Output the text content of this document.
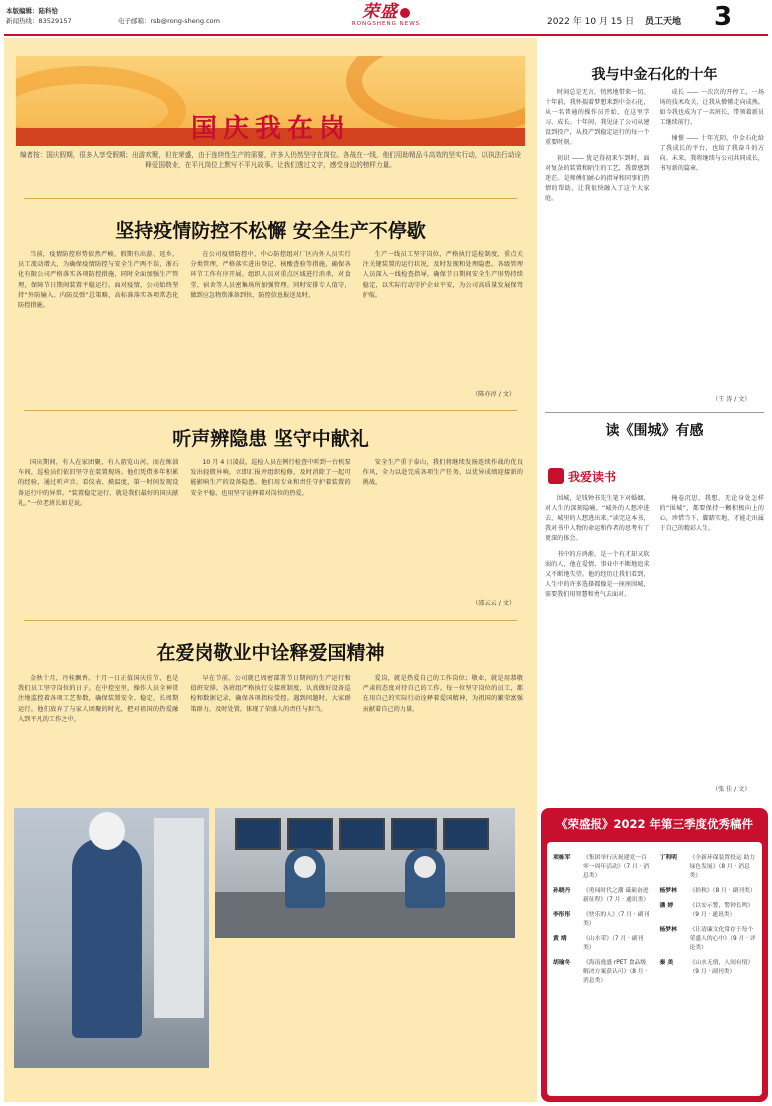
本版编辑：陆科恰
新闻热线：83529157	电子邮箱：rsb@rong-sheng.com	荣盛
RONGSHENG NEWS	2022 年 10 月 15 日 员工天地 3
国庆我在岗
编者按：国庆假期，很多人享受假期；出游欢聚，但在荣盛，由于连续性生产的需要，许多人仍然坚守在岗位。各战在一线，他们用助精品斗高效的坚实行动，以执法行动诠释爱国敬业，在平凡岗位上默写不平凡故事。让我们透过文字，感受身边的榜样力量。
坚持疫情防控不松懈 安全生产不停歇
当前，疫情防控形势依然严峻，假期有出游、返乡，员工流动增大，为确保疫情防控与安全生产两不误，浙石化有限公司严格落实各项防控措施，同时全面加强生产管理，保障节日期间装置平稳运行。面对疫情，公司始终坚持“外防输入、内防反弹”总策略，高标准落实各项常态化防控措施。
在公司疫情防控中，中心防控组对厂区内外人员实行分类管理，严格落实进出登记、核酸查验等措施，确保各环节工作有序开展。组织人员对重点区域进行消杀，对食堂、宿舍等人员密集场所加强管理。同时安排专人值守，做到应急物资准备到位，防控信息报送及时。
生产一线员工坚守岗位，严格执行巡检制度，重点关注关键装置的运行状况，及时发现和处理隐患。各级管理人员深入一线检查指导，确保节日期间安全生产形势持续稳定，以实际行动守护企业平安，为公司高质量发展保驾护航。
（陈亦淳 / 文）
听声辨隐患 坚守中献礼
国庆期间，有人在家团聚，有人游览山河，而在炼油车间，巡检员们依旧坚守在装置现场。他们凭借多年积累的经验，通过听声音、看仪表、摸温度，第一时间发现设备运行中的异常。“装置稳定运行，就是我们最好的国庆献礼。”一位老班长如是说。
10 月 4 日凌晨，巡检人员在例行检查中听到一台机泵发出轻微异响，立即汇报并组织检修，及时消除了一起可能影响生产的设备隐患。他们用专业和责任守护着装置的安全平稳，也用坚守诠释着对岗位的热爱。
安全生产重于泰山，我们将继续发扬连续作战的优良作风，全力以赴完成各项生产任务，以优异成绩迎接新的挑战。
（邵云云 / 文）
在爱岗敬业中诠释爱国精神
金秋十月，丹桂飘香。十月一日正值国庆佳节，也是我们员工坚守岗位的日子。在中控室里，操作人员全神贯注地监控着各项工艺参数，确保装置安全、稳定、长周期运行。他们放弃了与家人团聚的时光，把对祖国的热爱融入到平凡的工作之中。
早在节前，公司就已周密部署节日期间的生产运行和值班安排。各班组严格执行交接班制度，认真做好设备巡检和数据记录，确保各项指标受控。遇到问题时，大家群策群力，及时处置，体现了荣盛人的责任与担当。
爱岗，就是热爱自己的工作岗位；敬业，就是用恭敬严肃的态度对待自己的工作。每一位坚守岗位的员工，都在用自己的实际行动诠释着爱国精神，为祖国的繁荣富强贡献着自己的力量。
我与中金石化的十年
时间总是无言，悄然地带来一切。十年前，我怀揣着梦想来到中金石化，从一名普通的操作员开始，在这里学习、成长。十年间，我见证了公司从建设到投产，从投产到稳定运行的每一个重要时刻。
初识 —— 犹记得初来乍到时，面对复杂的装置和陌生的工艺，我曾感到迷茫。是师傅们耐心的指导和同事们热情的帮助，让我很快融入了这个大家庭。
成长 —— 一次次的开停工，一场场的技术攻关，让我从懵懂走向成熟。如今我也成为了一名班长，带领着新员工继续前行。
憧憬 —— 十年光阴，中金石化给了我成长的平台，也给了我奋斗的方向。未来，我将继续与公司共同成长，书写新的篇章。
（王 涛 / 文）
读《围城》有感
我爱读书
围城，是钱钟书先生笔下对婚姻、对人生的深刻隐喻。“城外的人想冲进去，城里的人想逃出来。”读完这本书，我对书中人物的命运和作者的思考有了更深的体会。
书中的方鸿渐，是一个有才却又软弱的人，他在爱情、事业中不断地追求又不断地失望。他的经历让我们看到，人生中的许多选择都像是一座座围城，需要我们用智慧和勇气去面对。
掩卷沉思，我想，无论身处怎样的“围城”，都要保持一颗积极向上的心，珍惜当下，脚踏实地，才能走出属于自己的精彩人生。
（张 佳 / 文）
《荣盛报》2022 年第三季度优秀稿件
项栋军	《集团举行庆祝建党一百零一周年活动》（7 月 · 消息类）
孙晓丹	《勇闯时代之潮 砥砺奋进新征程》（7 月 · 通讯类）
李彤彤	《快乐的人》（7 月 · 副刊类）
黄 靖	《山水荣》（7 月 · 副刊类）
胡瑜冬	《海南逸盛 rPET 食品级解决方案获认可》（8 月 · 消息类）
丁利明	《全新环保装置投运 助力绿色发展》（8 月 · 消息类）
杨梦林	《拾秋》（8 月 · 副刊类）
潘 婷	《以安示警，警钟长鸣》（9 月 · 通讯类）
杨梦林	《让清廉文化常存于每个荣盛人的心中》（9 月 · 评论类）
秦 美	《山水无情，人间有情》（9 月 · 副刊类）
